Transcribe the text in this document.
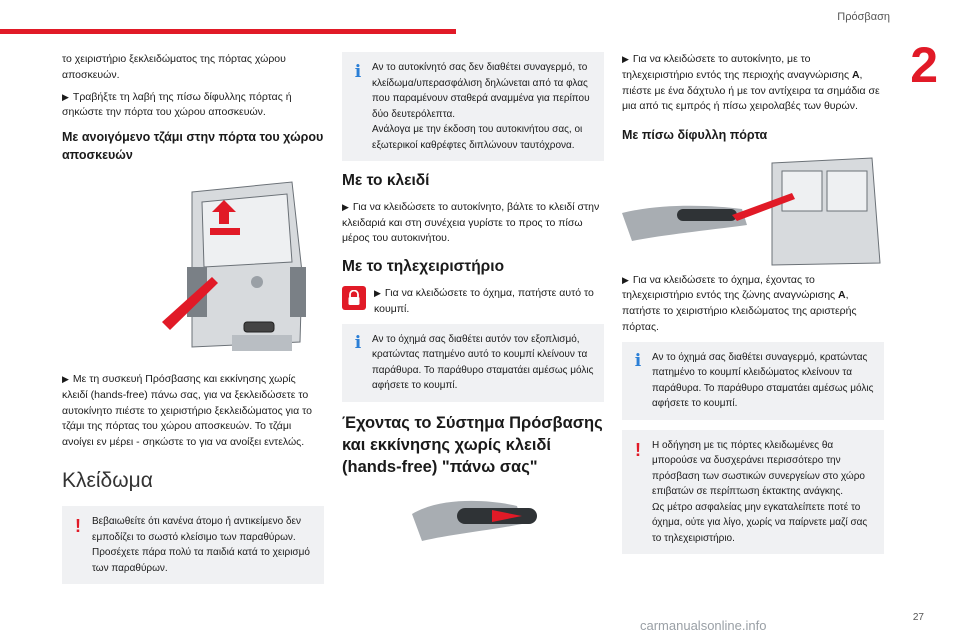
Πρόσβαση
2

το χειριστήριο ξεκλειδώματος της πόρτας χώρου αποσκευών.

▶ Τραβήξτε τη λαβή της πίσω δίφυλλης πόρτας ή σηκώστε την πόρτα του χώρου αποσκευών.

Με ανοιγόμενο τζάμι στην πόρτα του χώρου αποσκευών

▶ Με τη συσκευή Πρόσβασης και εκκίνησης χωρίς κλειδί (hands-free) πάνω σας, για να ξεκλειδώσετε το αυτοκίνητο πιέστε το χειριστήριο ξεκλειδώματος για το τζάμι της πόρτας του χώρου αποσκευών. Το τζάμι ανοίγει εν μέρει - σηκώστε το για να ανοίξει εντελώς.

Κλείδωμα
!	Βεβαιωθείτε ότι κανένα άτομο ή αντικείμενο δεν εμποδίζει το σωστό κλείσιμο των παραθύρων.
Προσέχετε πάρα πολύ τα παιδιά κατά το χειρισμό των παραθύρων.
i Αν το αυτοκίνητό σας δεν διαθέτει συναγερμό, το κλείδωμα/υπερασφάλιση δηλώνεται από τα φλας που παραμένουν σταθερά αναμμένα για περίπου δύο δευτερόλεπτα.
Ανάλογα με την έκδοση του αυτοκινήτου σας, οι εξωτερικοί καθρέφτες διπλώνουν ταυτόχρονα.
Με το κλειδί

▶ Για να κλειδώσετε το αυτοκίνητο, βάλτε το κλειδί στην κλειδαριά και στη συνέχεια γυρίστε το προς το πίσω μέρος του αυτοκινήτου.

Με το τηλεχειριστήριο
▶ Για να κλειδώσετε το όχημα, πατήστε αυτό το κουμπί.
i Αν το όχημά σας διαθέτει αυτόν τον εξοπλισμό, κρατώντας πατημένο αυτό το κουμπί κλείνουν τα παράθυρα. Το παράθυρο σταματάει αμέσως μόλις αφήσετε το κουμπί.
Έχοντας το Σύστημα Πρόσβασης και εκκίνησης χωρίς κλειδί (hands-free) "πάνω σας"

▶ Για να κλειδώσετε το αυτοκίνητο, με το τηλεχειριστήριο εντός της περιοχής αναγνώρισης A, πιέστε με ένα δάχτυλο ή με τον αντίχειρα τα σημάδια σε μια από τις εμπρός ή πίσω χειρολαβές των θυρών.

Με πίσω δίφυλλη πόρτα

▶ Για να κλειδώσετε το όχημα, έχοντας το τηλεχειριστήριο εντός της ζώνης αναγνώρισης A, πατήστε το χειριστήριο κλειδώματος της αριστερής πόρτας.

i Αν το όχημά σας διαθέτει συναγερμό, κρατώντας πατημένο το κουμπί κλειδώματος κλείνουν τα παράθυρα. Το παράθυρο σταματάει αμέσως μόλις αφήσετε το κουμπί.
!	Η οδήγηση με τις πόρτες κλειδωμένες θα μπορούσε να δυσχεράνει περισσότερο την πρόσβαση των σωστικών συνεργείων στο χώρο επιβατών σε περίπτωση έκτακτης ανάγκης.
Ως μέτρο ασφαλείας μην εγκαταλείπετε ποτέ το όχημα, ούτε για λίγο, χωρίς να παίρνετε μαζί σας το τηλεχειριστήριο.
27
carmanualsonline.info
